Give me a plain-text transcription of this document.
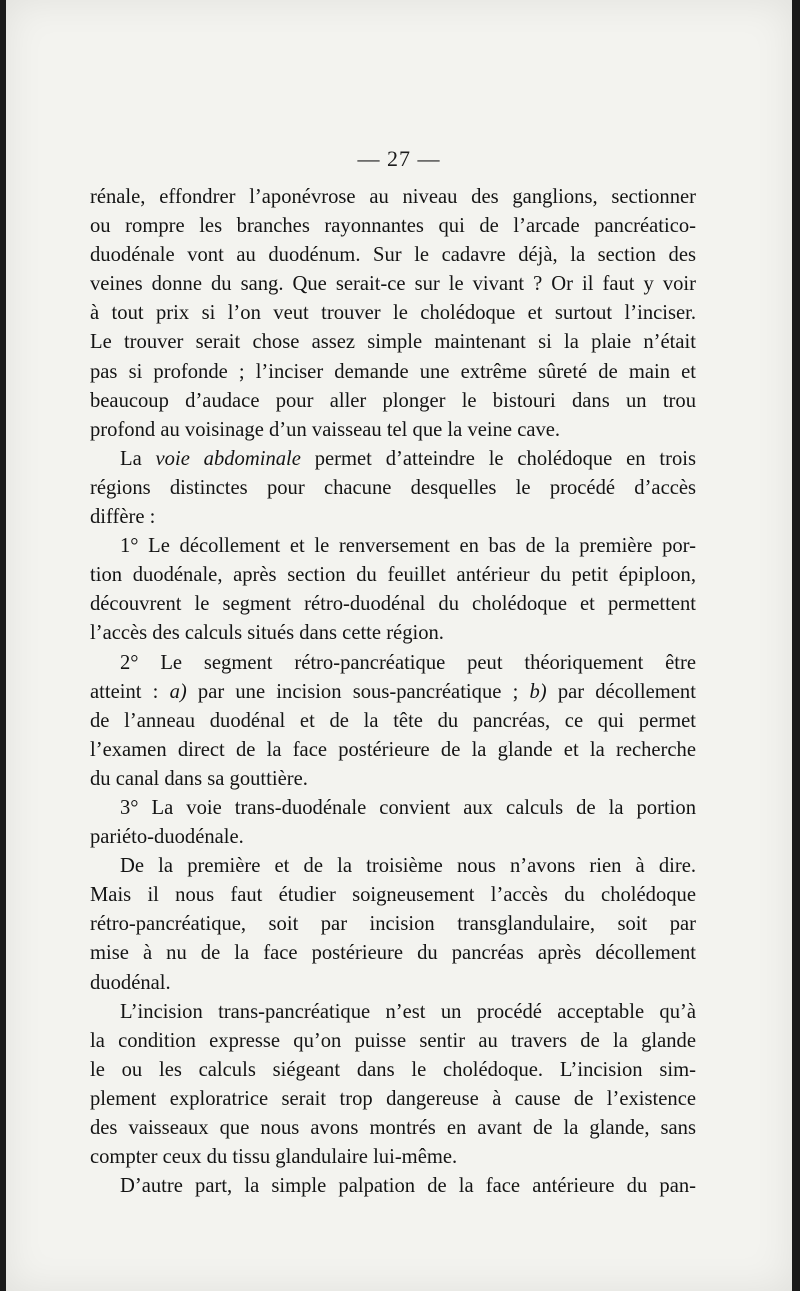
— 27 —

rénale, effondrer l’aponévrose au niveau des ganglions, sectionner

ou rompre les branches rayonnantes qui de l’arcade pancréatico-

duodénale vont au duodénum. Sur le cadavre déjà, la section des

veines donne du sang. Que serait-ce sur le vivant ? Or il faut y voir

à tout prix si l’on veut trouver le cholédoque et surtout l’inciser.

Le trouver serait chose assez simple maintenant si la plaie n’était

pas si profonde ; l’inciser demande une extrême sûreté de main et

beaucoup d’audace pour aller plonger le bistouri dans un trou

profond au voisinage d’un vaisseau tel que la veine cave.

La voie abdominale permet d’atteindre le cholédoque en trois

régions distinctes pour chacune desquelles le procédé d’accès

diffère :

1° Le décollement et le renversement en bas de la première por-

tion duodénale, après section du feuillet antérieur du petit épiploon,

découvrent le segment rétro-duodénal du cholédoque et permettent

l’accès des calculs situés dans cette région.

2° Le segment rétro-pancréatique peut théoriquement être

atteint : a) par une incision sous-pancréatique ; b) par décollement

de l’anneau duodénal et de la tête du pancréas, ce qui permet

l’examen direct de la face postérieure de la glande et la recherche

du canal dans sa gouttière.

3° La voie trans-duodénale convient aux calculs de la portion

pariéto-duodénale.

De la première et de la troisième nous n’avons rien à dire.

Mais il nous faut étudier soigneusement l’accès du cholédoque

rétro-pancréatique, soit par incision transglandulaire, soit par

mise à nu de la face postérieure du pancréas après décollement

duodénal.

L’incision trans-pancréatique n’est un procédé acceptable qu’à

la condition expresse qu’on puisse sentir au travers de la glande

le ou les calculs siégeant dans le cholédoque. L’incision sim-

plement exploratrice serait trop dangereuse à cause de l’existence

des vaisseaux que nous avons montrés en avant de la glande, sans

compter ceux du tissu glandulaire lui-même.

D’autre part, la simple palpation de la face antérieure du pan-
